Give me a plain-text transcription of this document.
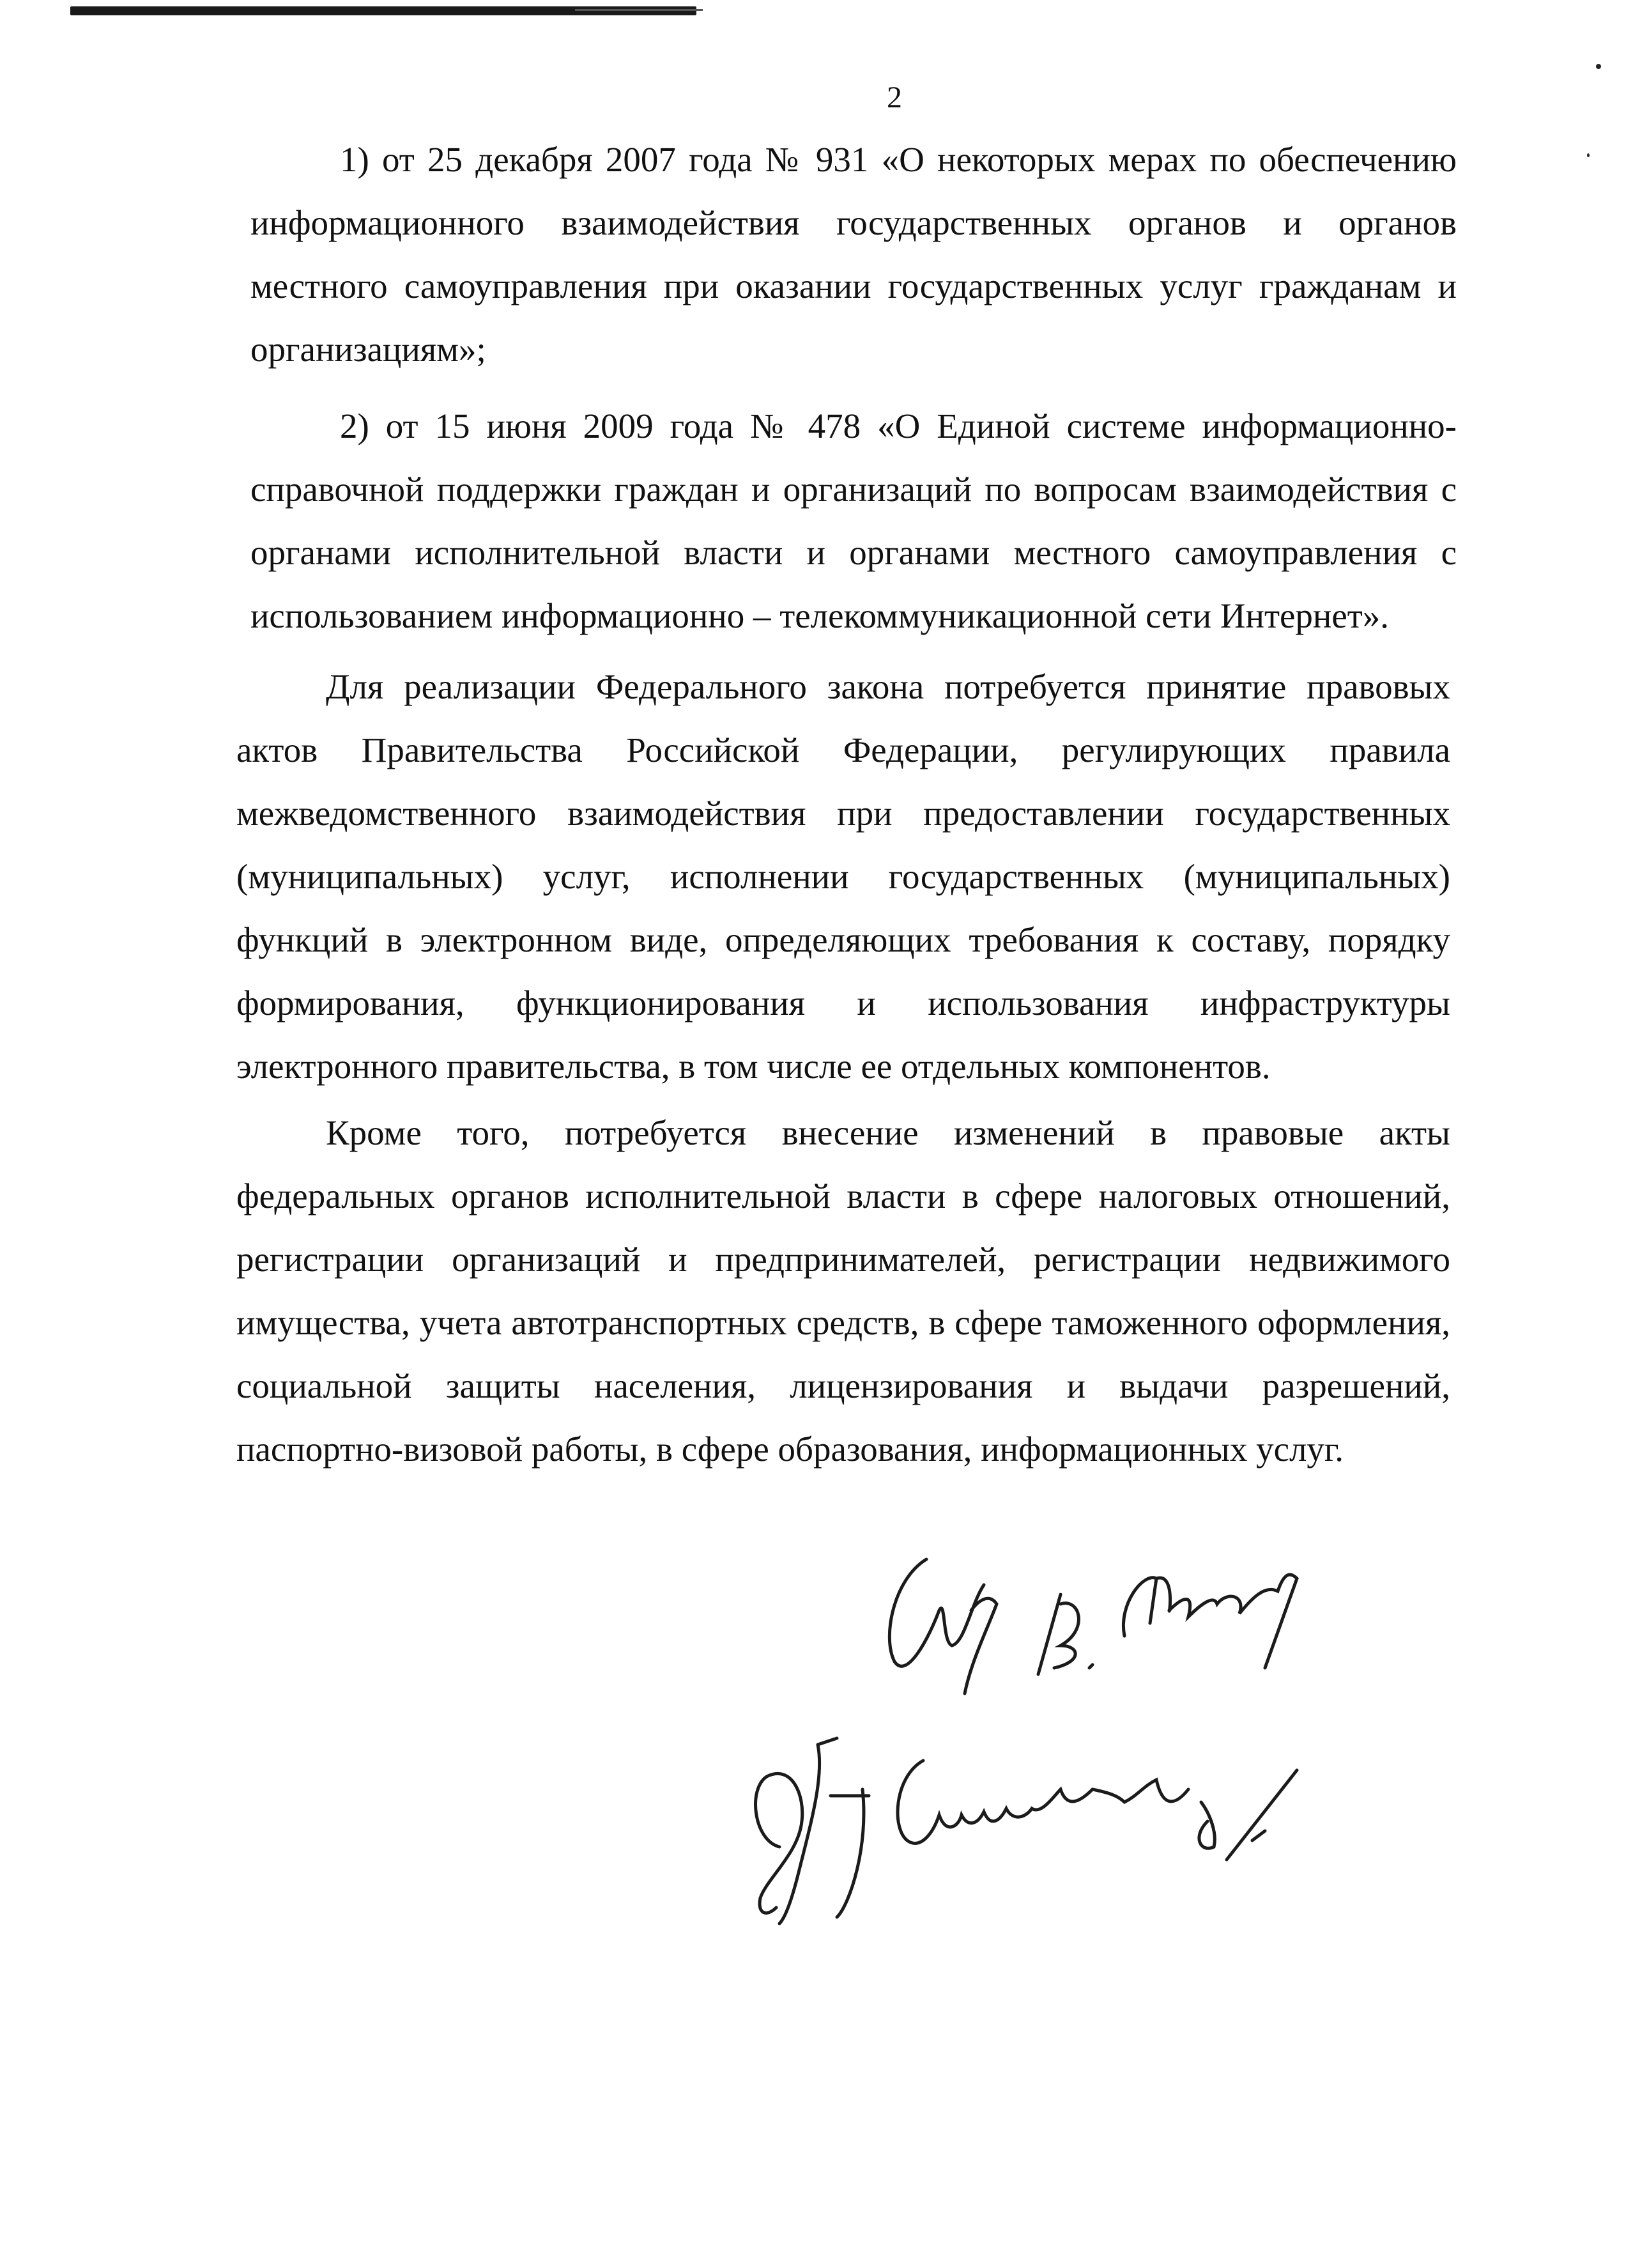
2

1) от 25 декабря 2007 года № 931 «О некоторых мерах по обеспечению информационного взаимодействия государственных органов и органов местного самоуправления при оказании государственных услуг гражданам и организациям»;

2) от 15 июня 2009 года № 478 «О Единой системе информационно-справочной поддержки граждан и организаций по вопросам взаимодействия с органами исполнительной власти и органами местного самоуправления с использованием информационно – телекоммуникационной сети Интернет».

Для реализации Федерального закона потребуется принятие правовых актов Правительства Российской Федерации, регулирующих правила межведомственного взаимодействия при предоставлении государственных (муниципальных) услуг, исполнении государственных (муниципальных) функций в электронном виде, определяющих требования к составу, порядку формирования, функционирования и использования инфраструктуры электронного правительства, в том числе ее отдельных компонентов.

Кроме того, потребуется внесение изменений в правовые акты федеральных органов исполнительной власти в сфере налоговых отношений, регистрации организаций и предпринимателей, регистрации недвижимого имущества, учета автотранспортных средств, в сфере таможенного оформления, социальной защиты населения, лицензирования и выдачи разрешений, паспортно-визовой работы, в сфере образования, информационных услуг.
